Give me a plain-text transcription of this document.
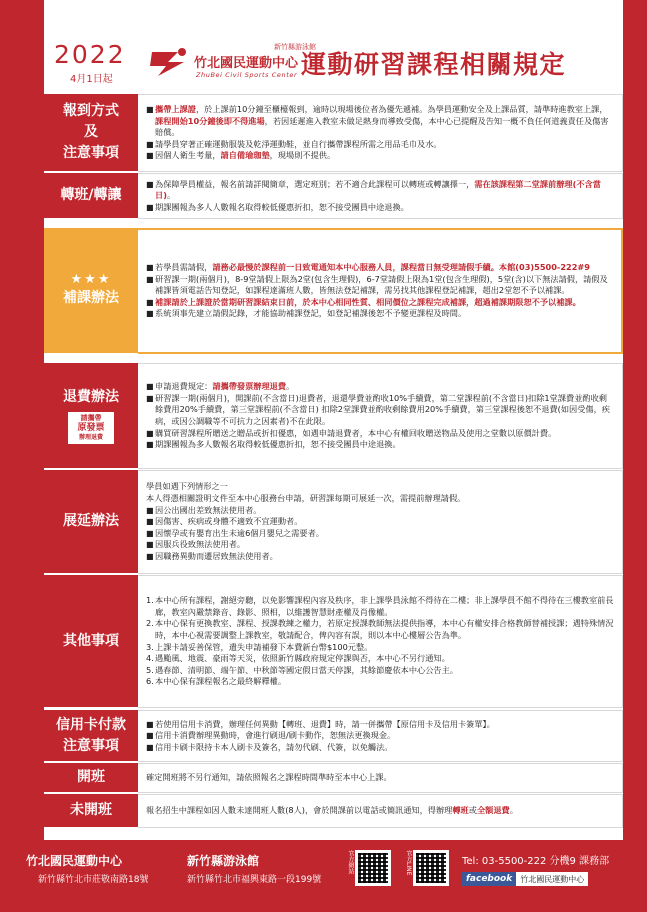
2022
4月1日起
新竹縣游泳館
竹北國民運動中心
ZhuBei Civil Sports Center 運動研習課程相關規定
報到方式
及
注意事項
■ 攜帶上課證，於上課前10分鐘至櫃檯報到，逾時以現場後位者為優先遞補。為學員運動安全及上課品質，請準時進教室上課，課程開始10分鐘後即不得進場，若因延遲進入教室未做足熱身而導致受傷，本中心已提醒及告知一概不負任何道義責任及傷害賠償。
■ 請學員穿著正確運動服裝及乾淨運動鞋，並自行攜帶課程所需之用品毛巾及水。
■ 因個人衛生考量，請自備瑜珈墊，現場則不提供。
轉班/轉讓
■ 為保障學員權益，報名前請詳閱簡章，選定班別；若不適合此課程可以轉班或轉讓擇一，需在該課程第二堂課前辦理(不含當日)。
■ 期課團報為多人人數報名取得較低優惠折扣，恕不接受團員中途退換。
★★★
補課辦法
■ 若學員需請假，請務必最慢於課程前一日致電通知本中心服務人員，課程當日無受理請假手續。本館(03)5500-222#9
■ 研習課一期(兩個月)，8-9堂請假上限為2堂(包含生理假)，6-7堂請假上限為1堂(包含生理假)，5堂(含)以下無法請假，請假及補課皆須電話告知登記，如課程達滿班人數，皆無法登記補課，需另找其他課程登記補課，超出2堂恕不予以補課。
■ 補課請於上課證於當期研習課結束日前，於本中心相同性質、相同價位之課程完成補課，超過補課期限恕不予以補課。
■ 系統須事先建立請假記錄，才能協助補課登記，如登記補課後恕不予變更課程及時間。
退費辦法
請攜帶
原發票
辦理退費
■ 申請退費規定：請攜帶發票辦理退費。
■ 研習課一期(兩個月)，開課前(不含當日)退費者，退還學費並酌收10%手續費，第二堂課程前(不含當日)扣除1堂課費並酌收剩餘費用20%手續費，第三堂課程前(不含當日) 扣除2堂課費並酌收剩餘費用20%手續費，第三堂課程後恕不退費(如因受傷，疾病，或因公調職等不可抗力之因素者)不在此限。
■ 購買研習課程所贈送之贈品或折扣優惠，如遇申請退費者，本中心有權回收贈送物品及使用之堂數以原價計費。
■ 期課團報為多人數報名取得較低優惠折扣，恕不接受團員中途退換。
展延辦法
學員如遇下列情形之一
本人得憑相關證明文件至本中心服務台申請，研習課每期可展延一次，需提前辦理請假。
■ 因公出國出差致無法使用者。
■ 因傷害、疾病或身體不適致不宜運動者。
■ 因懷孕或有嬰育出生未逾6個月嬰兒之需要者。
■ 因服兵役致無法使用者。
■ 因職務異動而遷居致無法使用者。
其他事項
1. 本中心所有課程，謝絕旁聽，以免影響課程內容及秩序，非上課學員泳館不得待在二樓；非上課學員不館不得待在三樓教室前長廊，教室內嚴禁錄音、錄影、照相，以維護智慧財產權及肖像權。
2. 本中心保有更換教室、課程、授課教練之權力，若原定授課教師無法提供指導，本中心有權安排合格教師替補授課；遇特殊情況時，本中心視需要調整上課教室，敬請配合，俾內容有誤，則以本中心樓層公告為準。
3. 上課卡請妥善保管，遺失申請補發下本費新台幣$100元整。
4. 遇颱風、地震、豪雨等天災，依照新竹縣政府規定停課與否，本中心不另行通知。
5. 遇春節、清明節、端午節、中秋節等國定假日當天停課，其餘節慶依本中心公告主。
6. 本中心保有課程報名之最終解釋權。
信用卡付款
注意事項
■ 若使用信用卡消費，辦理任何異動【轉班、退費】時，請一併攜帶【原信用卡及信用卡簽單】。
■ 信用卡消費辦理異動時，會進行刷退/刷卡動作，恕無法更換現金。
■ 信用卡刷卡限持卡本人刷卡及簽名，請勿代刷、代簽，以免觸法。
開班	確定開班將不另行通知，請依照報名之課程時間準時至本中心上課。
未開班	報名招生中課程如因人數未達開班人數(8人)，會於開課前以電話或簡訊通知，得辦理轉班或全額退費。
竹北國民運動中心
新竹縣竹北市莊敬南路18號
新竹縣游泳館
新竹縣竹北市福興東路一段199號
官方網站	官方LINE	Tel: 03-5500-222 分機9 課務部
facebook	竹北國民運動中心
